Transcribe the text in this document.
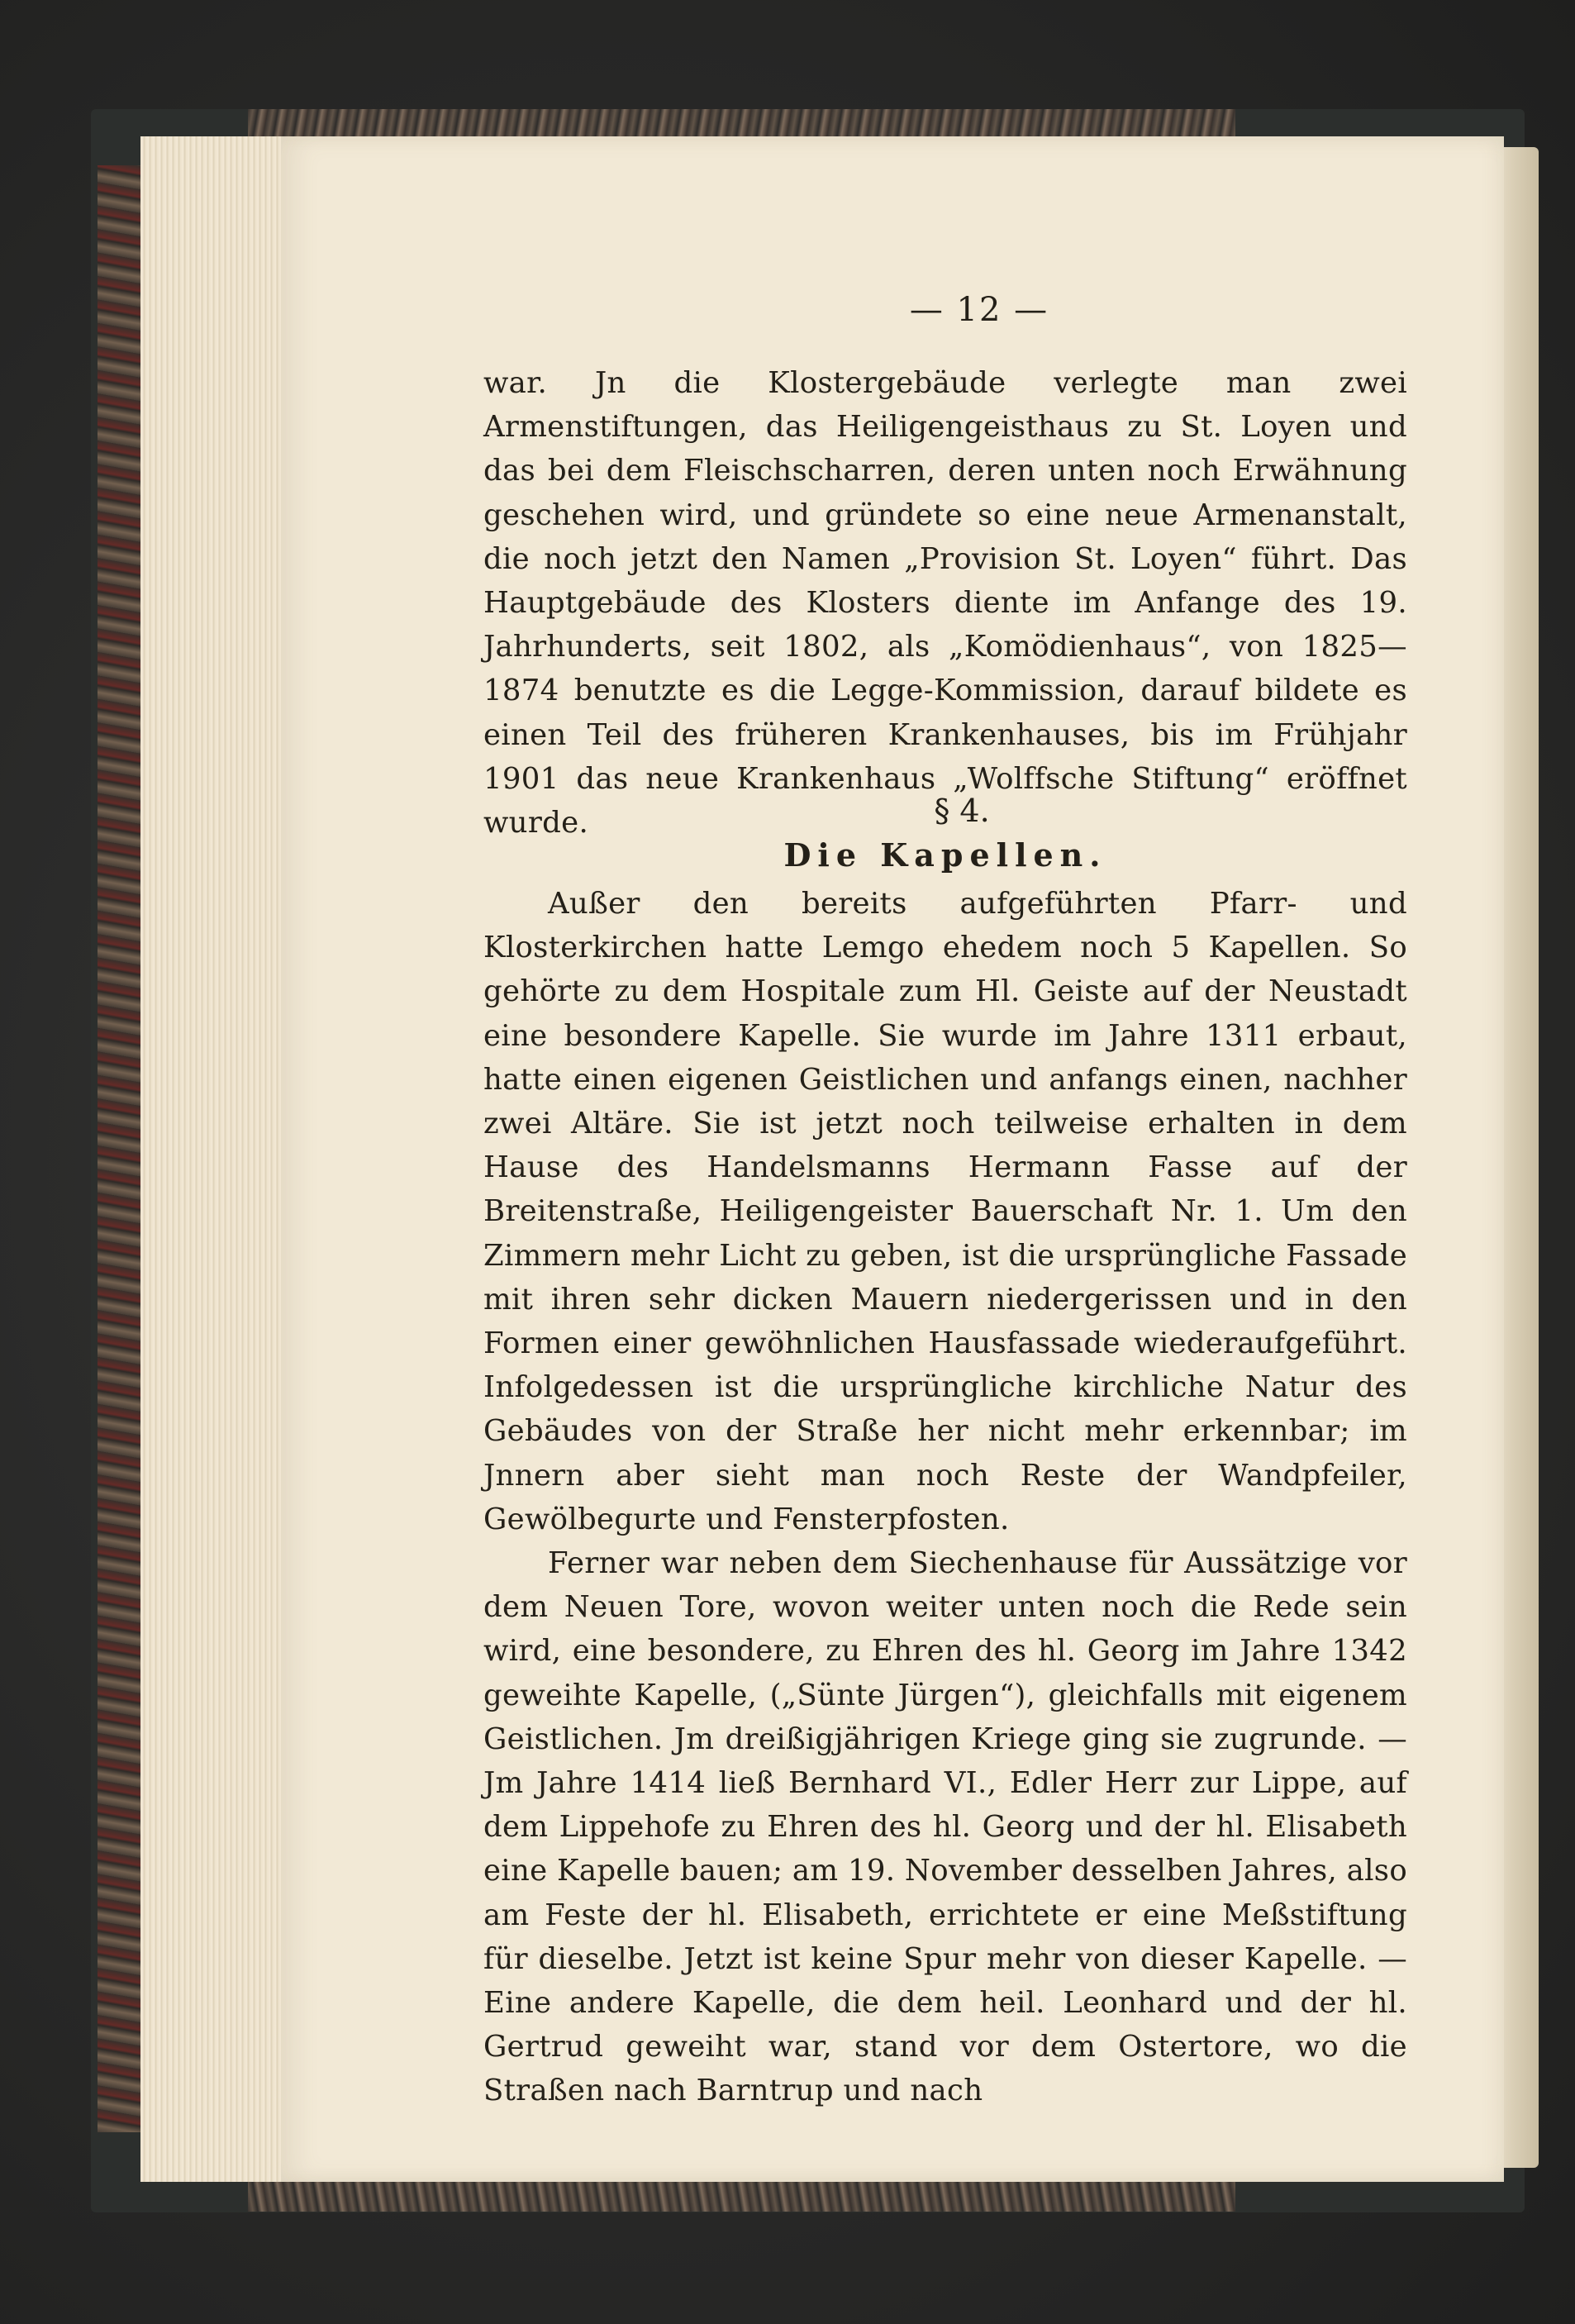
— 12 —

war. Jn die Klostergebäude verlegte man zwei Armenstiftungen, das Heiligengeisthaus zu St. Loyen und das bei dem Fleischscharren, deren unten noch Erwähnung geschehen wird, und gründete so eine neue Armenanstalt, die noch jetzt den Namen „Provision St. Loyen“ führt. Das Hauptgebäude des Klosters diente im Anfange des 19. Jahrhunderts, seit 1802, als „Komödienhaus“, von 1825—1874 benutzte es die Legge-Kommission, darauf bildete es einen Teil des früheren Krankenhauses, bis im Frühjahr 1901 das neue Krankenhaus „Wolffsche Stiftung“ eröffnet wurde.	§ 4.

Die Kapellen.

Außer den bereits aufgeführten Pfarr- und Klosterkirchen hatte Lemgo ehedem noch 5 Kapellen. So gehörte zu dem Hospitale zum Hl. Geiste auf der Neustadt eine besondere Kapelle. Sie wurde im Jahre 1311 erbaut, hatte einen eigenen Geistlichen und anfangs einen, nachher zwei Altäre. Sie ist jetzt noch teilweise erhalten in dem Hause des Handelsmanns Hermann Fasse auf der Breitenstraße, Heiligengeister Bauerschaft Nr. 1. Um den Zimmern mehr Licht zu geben, ist die ursprüngliche Fassade mit ihren sehr dicken Mauern niedergerissen und in den Formen einer gewöhnlichen Hausfassade wiederaufgeführt. Infolgedessen ist die ursprüngliche kirchliche Natur des Gebäudes von der Straße her nicht mehr erkennbar; im Jnnern aber sieht man noch Reste der Wandpfeiler, Gewölbegurte und Fensterpfosten.

Ferner war neben dem Siechenhause für Aussätzige vor dem Neuen Tore, wovon weiter unten noch die Rede sein wird, eine besondere, zu Ehren des hl. Georg im Jahre 1342 geweihte Kapelle, („Sünte Jürgen“), gleichfalls mit eigenem Geistlichen. Jm dreißigjährigen Kriege ging sie zugrunde. — Jm Jahre 1414 ließ Bernhard VI., Edler Herr zur Lippe, auf dem Lippehofe zu Ehren des hl. Georg und der hl. Elisabeth eine Kapelle bauen; am 19. November desselben Jahres, also am Feste der hl. Elisabeth, errichtete er eine Meßstiftung für dieselbe. Jetzt ist keine Spur mehr von dieser Kapelle. — Eine andere Kapelle, die dem heil. Leonhard und der hl. Gertrud geweiht war, stand vor dem Ostertore, wo die Straßen nach Barntrup und nach
